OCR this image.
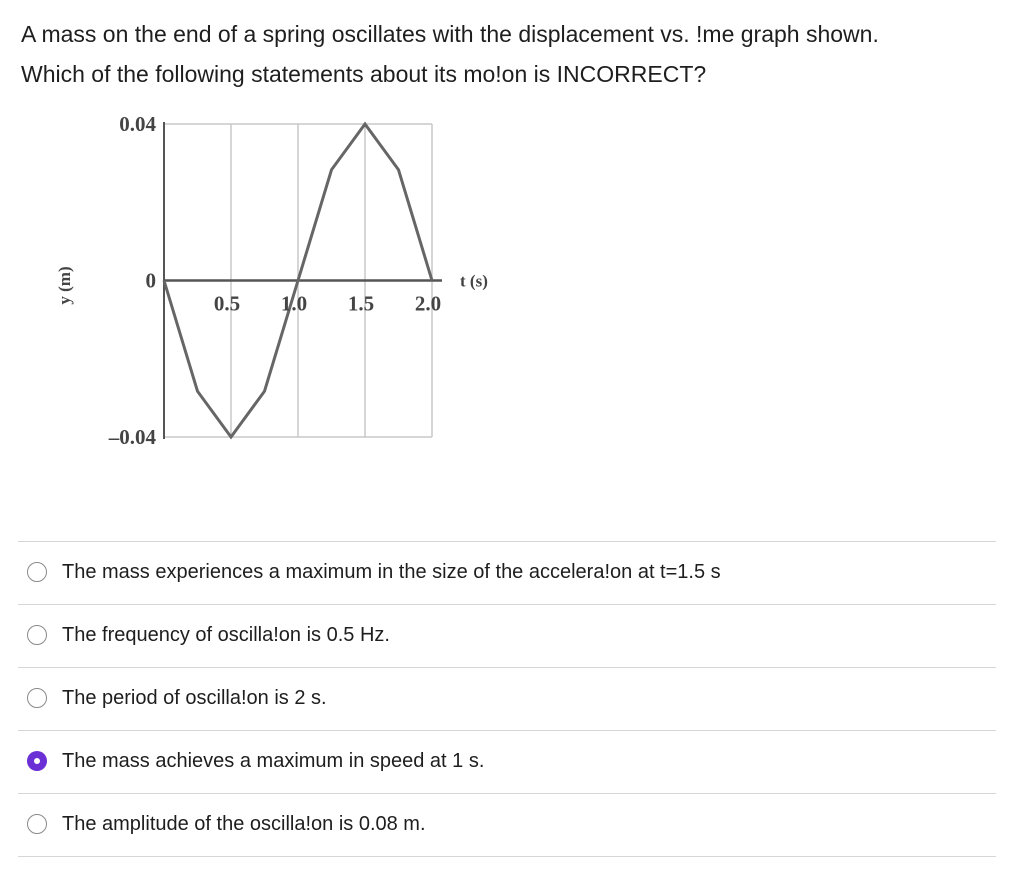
A mass on the end of a spring oscillates with the displacement vs. !me graph shown.
Which of the following statements about its mo!on is INCORRECT?
0.04
0
–0.04
0.5 1.0 1.5 2.0
y (m)	t (s)
The mass experiences a maximum in the size of the accelera!on at t=1.5 s
The frequency of oscilla!on is 0.5 Hz.
The period of oscilla!on is 2 s.
The mass achieves a maximum in speed at 1 s.
The amplitude of the oscilla!on is 0.08 m.
